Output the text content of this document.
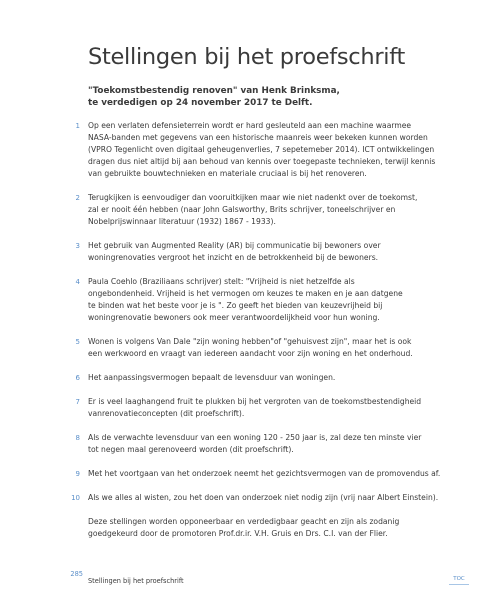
Stellingen bij het proefschrift
"Toekomstbestendig renoven" van Henk Brinksma,
te verdedigen op 24 november 2017 te Delft.
1 Op een verlaten defensieterrein wordt er hard gesleuteld aan een machine waarmee
NASA-banden met gegevens van een historische maanreis weer bekeken kunnen worden
(VPRO Tegenlicht oven digitaal geheugenverlies, 7 sepetemeber 2014). ICT ontwikkelingen
dragen dus niet altijd bij aan behoud van kennis over toegepaste technieken, terwijl kennis
van gebruikte bouwtechnieken en materiale cruciaal is bij het renoveren.
2 Terugkijken is eenvoudiger dan vooruitkijken maar wie niet nadenkt over de toekomst,
zal er nooit één hebben (naar John Galsworthy, Brits schrijver, toneelschrijver en
Nobelprijswinnaar literatuur (1932) 1867 - 1933).
3 Het gebruik van Augmented Reality (AR) bij communicatie bij bewoners over
woningrenovaties vergroot het inzicht en de betrokkenheid bij de bewoners.
4 Paula Coehlo (Braziliaans schrijver) stelt: "Vrijheid is niet hetzelfde als
ongebondenheid. Vrijheid is het vermogen om keuzes te maken en je aan datgene
te binden wat het beste voor je is ". Zo geeft het bieden van keuzevrijheid bij
woningrenovatie bewoners ook meer verantwoordelijkheid voor hun woning.
5 Wonen is volgens Van Dale "zijn woning hebben"of "gehuisvest zijn", maar het is ook
een werkwoord en vraagt van iedereen aandacht voor zijn woning en het onderhoud.
6 Het aanpassingsvermogen bepaalt de levensduur van woningen.
7 Er is veel laaghangend fruit te plukken bij het vergroten van de toekomstbestendigheid
vanrenovatieconcepten (dit proefschrift).
8 Als de verwachte levensduur van een woning 120 - 250 jaar is, zal deze ten minste vier
tot negen maal gerenoveerd worden (dit proefschrift).
9 Met het voortgaan van het onderzoek neemt het gezichtsvermogen van de promovendus af.
10 Als we alles al wisten, zou het doen van onderzoek niet nodig zijn (vrij naar Albert Einstein).
Deze stellingen worden opponeerbaar en verdedigbaar geacht en zijn als zodanig
goedgekeurd door de promotoren Prof.dr.ir. V.H. Gruis en Drs. C.I. van der Flier.
285
Stellingen bij het proefschrift	TOC
